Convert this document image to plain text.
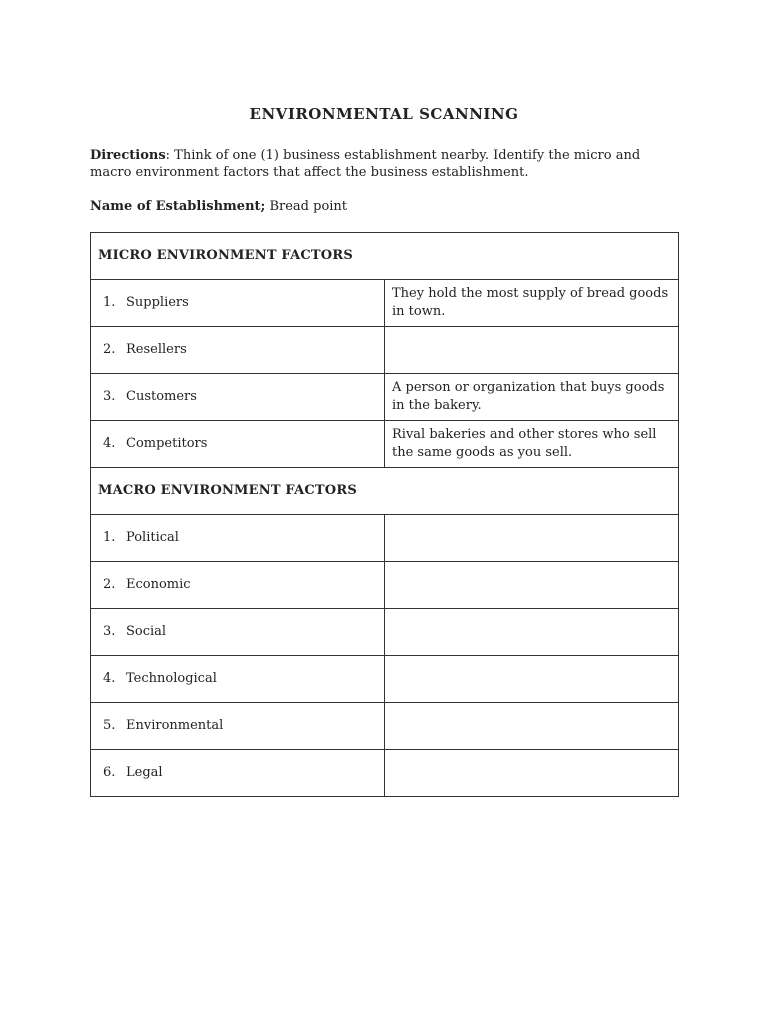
ENVIRONMENTAL SCANNING
Directions: Think of one (1) business establishment nearby. Identify the micro and macro environment factors that affect the business establishment.
Name of Establishment; Bread point
MICRO ENVIRONMENT FACTORS	
1. Suppliers	They hold the most supply of bread goods in town.
2. Resellers	
3. Customers	A person or organization that buys goods in the bakery.
4. Competitors	Rival bakeries and other stores who sell the same goods as you sell.
MACRO ENVIRONMENT FACTORS	
1. Political	
2. Economic	
3. Social	
4. Technological	
5. Environmental	
6. Legal	
